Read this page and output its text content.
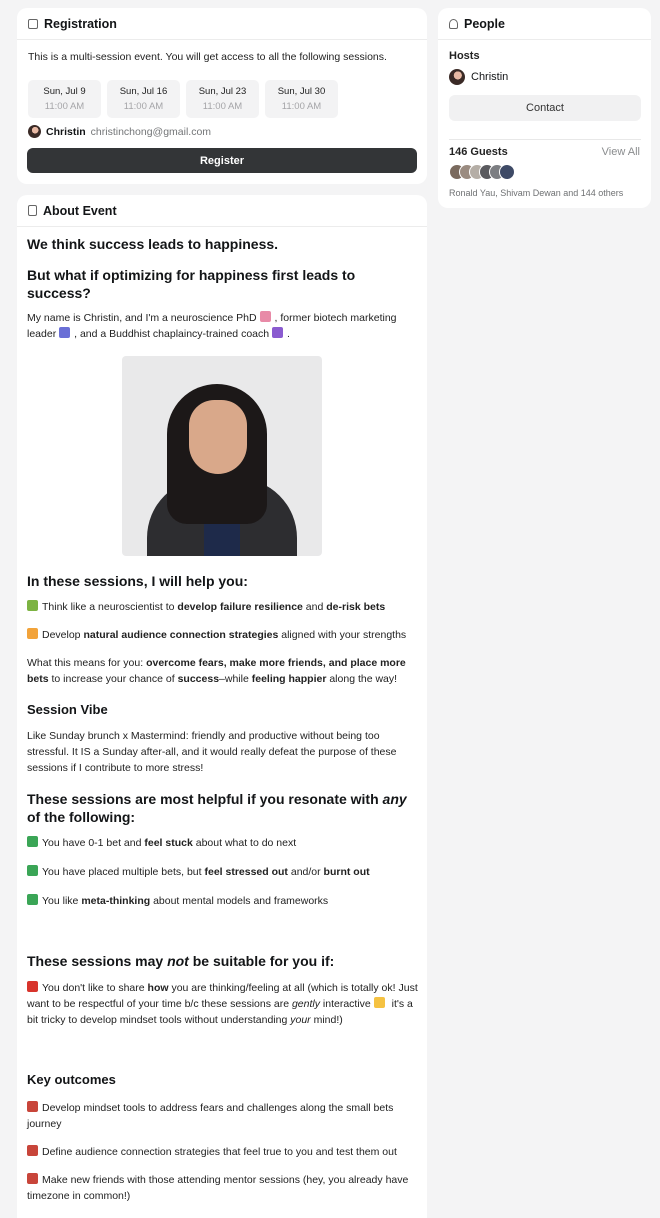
Registration
This is a multi-session event. You will get access to all the following sessions.
Sun, Jul 9
11:00 AM
Sun, Jul 16
11:00 AM
Sun, Jul 23
11:00 AM
Sun, Jul 30
11:00 AM
Christin christinchong@gmail.com
Register
People
Hosts
Christin
Contact
146 Guests	View All
Ronald Yau, Shivam Dewan and 144 others
About Event
We think success leads to happiness.
But what if optimizing for happiness first leads to success?
My name is Christin, and I'm a neuroscience PhD , former biotech marketing leader , and a Buddhist chaplaincy-trained coach .
In these sessions, I will help you:
Think like a neuroscientist to develop failure resilience and de-risk bets
Develop natural audience connection strategies aligned with your strengths
What this means for you: overcome fears, make more friends, and place more bets to increase your chance of success–while feeling happier along the way!
Session Vibe
Like Sunday brunch x Mastermind: friendly and productive without being too stressful. It IS a Sunday after-all, and it would really defeat the purpose of these sessions if I contribute to more stress!
These sessions are most helpful if you resonate with any of the following:
You have 0-1 bet and feel stuck about what to do next
You have placed multiple bets, but feel stressed out and/or burnt out
You like meta-thinking about mental models and frameworks
These sessions may not be suitable for you if:
You don't like to share how you are thinking/feeling at all (which is totally ok! Just want to be respectful of your time b/c these sessions are gently interactive  it's a bit tricky to develop mindset tools without understanding your mind!)
Key outcomes
Develop mindset tools to address fears and challenges along the small bets journey
Define audience connection strategies that feel true to you and test them out
Make new friends with those attending mentor sessions (hey, you already have timezone in common!)
